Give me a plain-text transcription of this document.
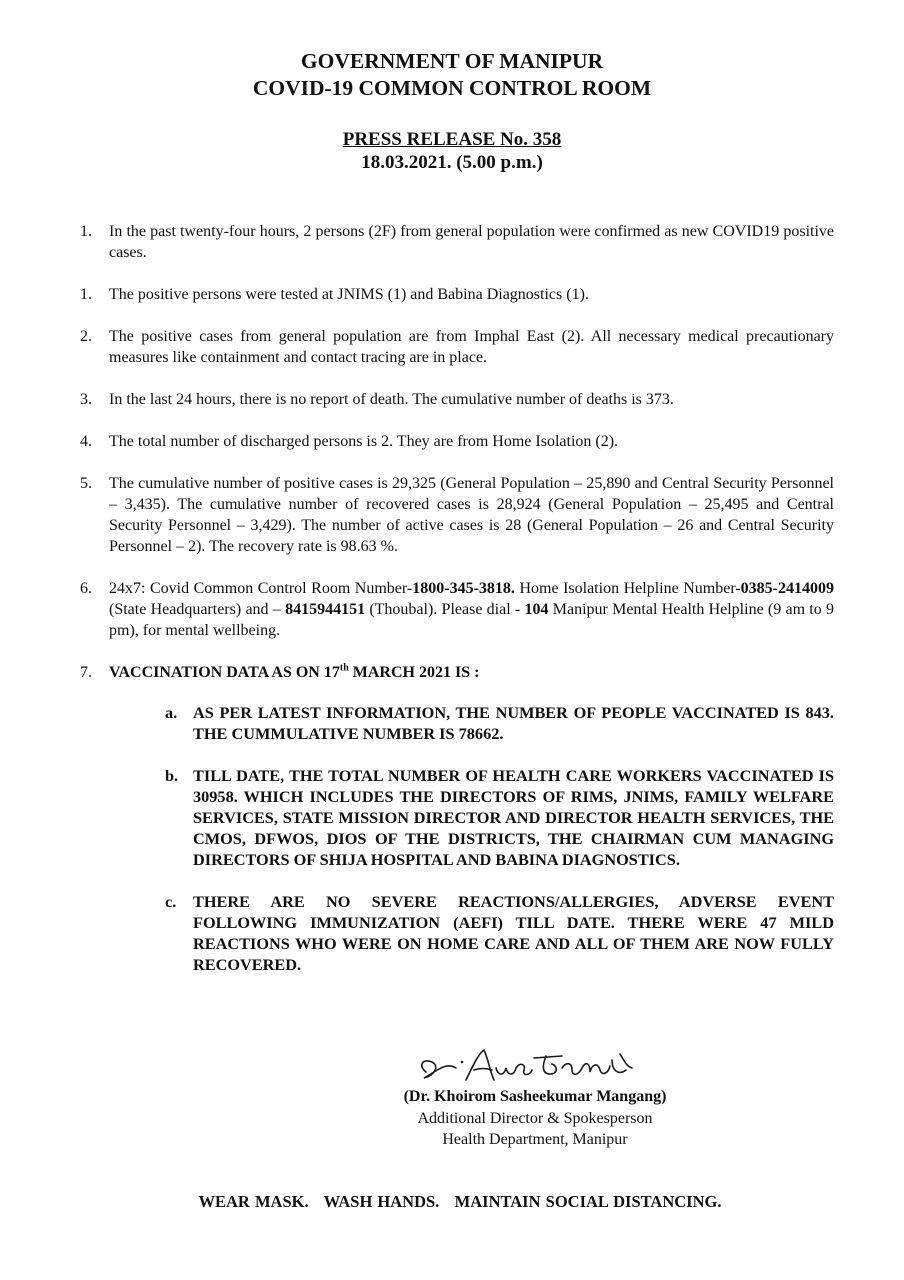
GOVERNMENT OF MANIPUR
COVID-19 COMMON CONTROL ROOM
PRESS RELEASE No. 358
18.03.2021. (5.00 p.m.)
1. In the past twenty-four hours, 2 persons (2F) from general population were confirmed as new COVID19 positive cases.
1. The positive persons were tested at JNIMS (1) and Babina Diagnostics (1).
2. The positive cases from general population are from Imphal East (2). All necessary medical precautionary measures like containment and contact tracing are in place.
3. In the last 24 hours, there is no report of death. The cumulative number of deaths is 373.
4. The total number of discharged persons is 2. They are from Home Isolation (2).
5. The cumulative number of positive cases is 29,325 (General Population – 25,890 and Central Security Personnel – 3,435). The cumulative number of recovered cases is 28,924 (General Population – 25,495 and Central Security Personnel – 3,429). The number of active cases is 28 (General Population – 26 and Central Security Personnel – 2). The recovery rate is 98.63 %.
6. 24x7: Covid Common Control Room Number-1800-345-3818. Home Isolation Helpline Number-0385-2414009 (State Headquarters) and – 8415944151 (Thoubal). Please dial - 104 Manipur Mental Health Helpline (9 am to 9 pm), for mental wellbeing.
7. VACCINATION DATA AS ON 17th MARCH 2021 IS :
a. AS PER LATEST INFORMATION, THE NUMBER OF PEOPLE VACCINATED IS 843. THE CUMMULATIVE NUMBER IS 78662.
b. TILL DATE, THE TOTAL NUMBER OF HEALTH CARE WORKERS VACCINATED IS 30958. WHICH INCLUDES THE DIRECTORS OF RIMS, JNIMS, FAMILY WELFARE SERVICES, STATE MISSION DIRECTOR AND DIRECTOR HEALTH SERVICES, THE CMOS, DFWOS, DIOS OF THE DISTRICTS, THE CHAIRMAN CUM MANAGING DIRECTORS OF SHIJA HOSPITAL AND BABINA DIAGNOSTICS.
c. THERE ARE NO SEVERE REACTIONS/ALLERGIES, ADVERSE EVENT FOLLOWING IMMUNIZATION (AEFI) TILL DATE. THERE WERE 47 MILD REACTIONS WHO WERE ON HOME CARE AND ALL OF THEM ARE NOW FULLY RECOVERED.
(Dr. Khoirom Sasheekumar Mangang)
Additional Director & Spokesperson
Health Department, Manipur
WEAR MASK.   WASH HANDS.   MAINTAIN SOCIAL DISTANCING.
